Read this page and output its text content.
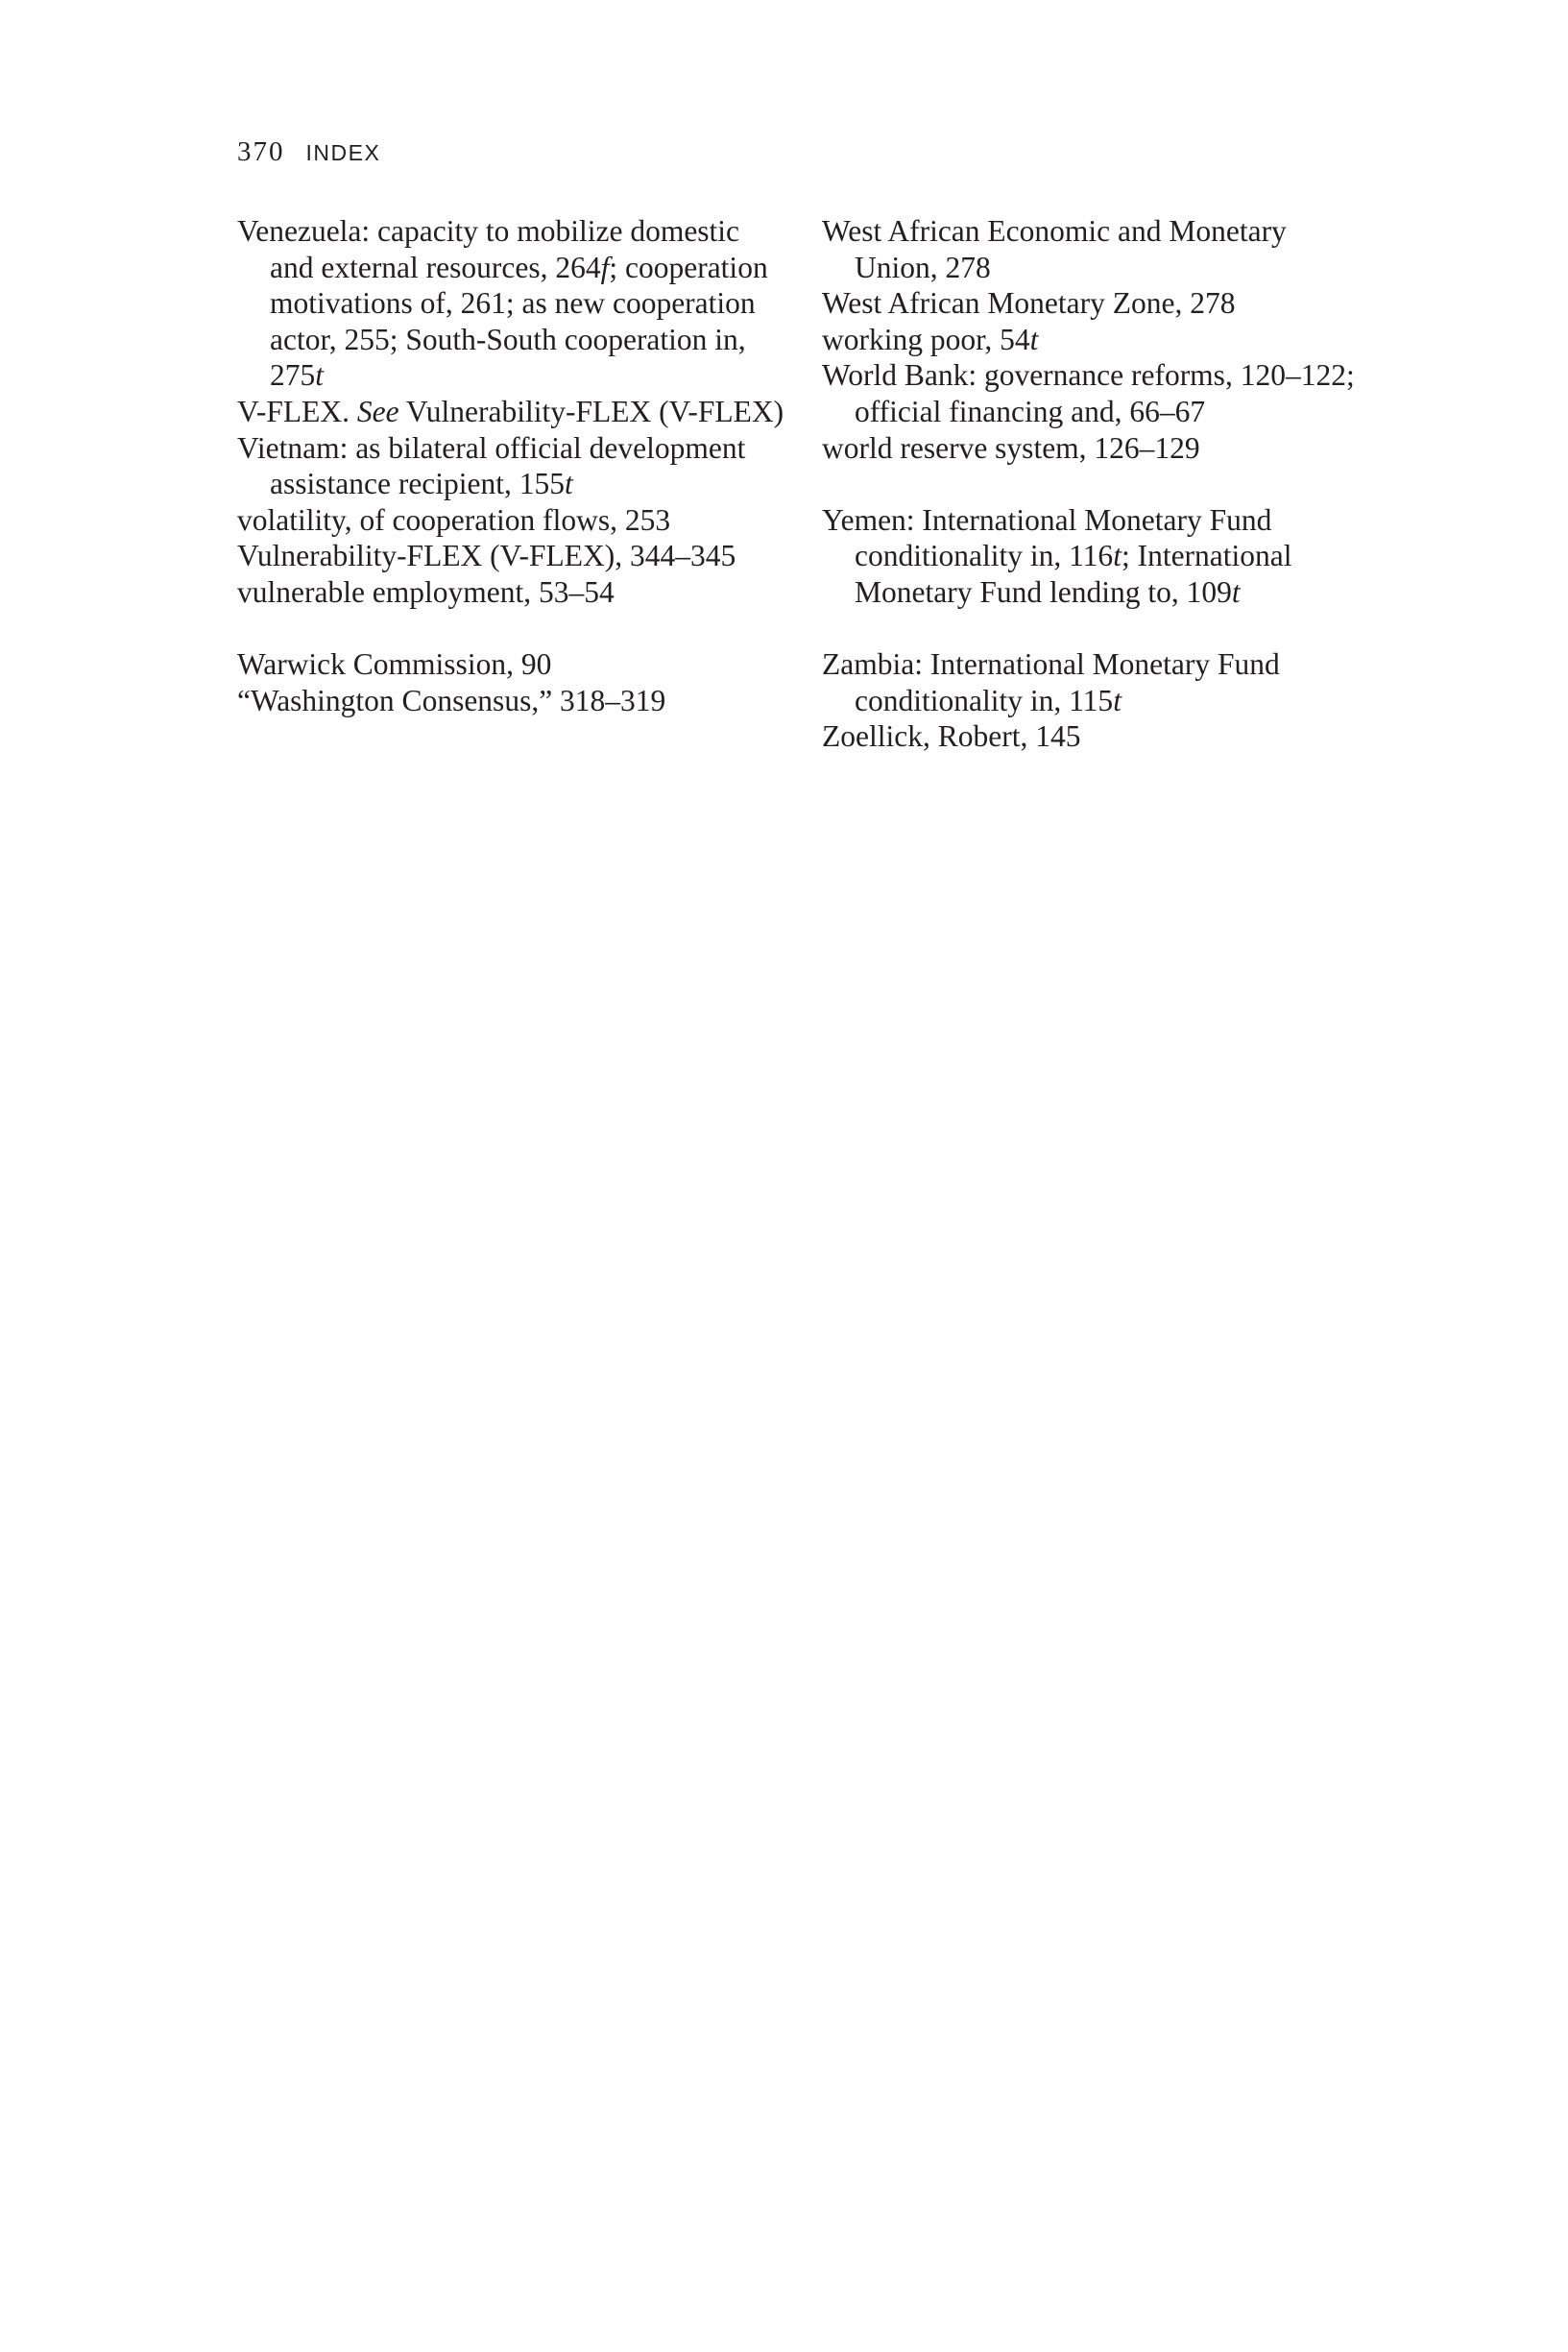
370 INDEX

Venezuela: capacity to mobilize domestic and external resources, 264f; cooperation motivations of, 261; as new cooperation actor, 255; South-South cooperation in, 275t

V-FLEX. See Vulnerability-FLEX (V-FLEX)

Vietnam: as bilateral official development assistance recipient, 155t

volatility, of cooperation flows, 253

Vulnerability-FLEX (V-FLEX), 344–345

vulnerable employment, 53–54

Warwick Commission, 90

“Washington Consensus,” 318–319

West African Economic and Monetary Union, 278

West African Monetary Zone, 278

working poor, 54t

World Bank: governance reforms, 120–122; official financing and, 66–67

world reserve system, 126–129

Yemen: International Monetary Fund conditionality in, 116t; International Monetary Fund lending to, 109t

Zambia: International Monetary Fund conditionality in, 115t

Zoellick, Robert, 145
